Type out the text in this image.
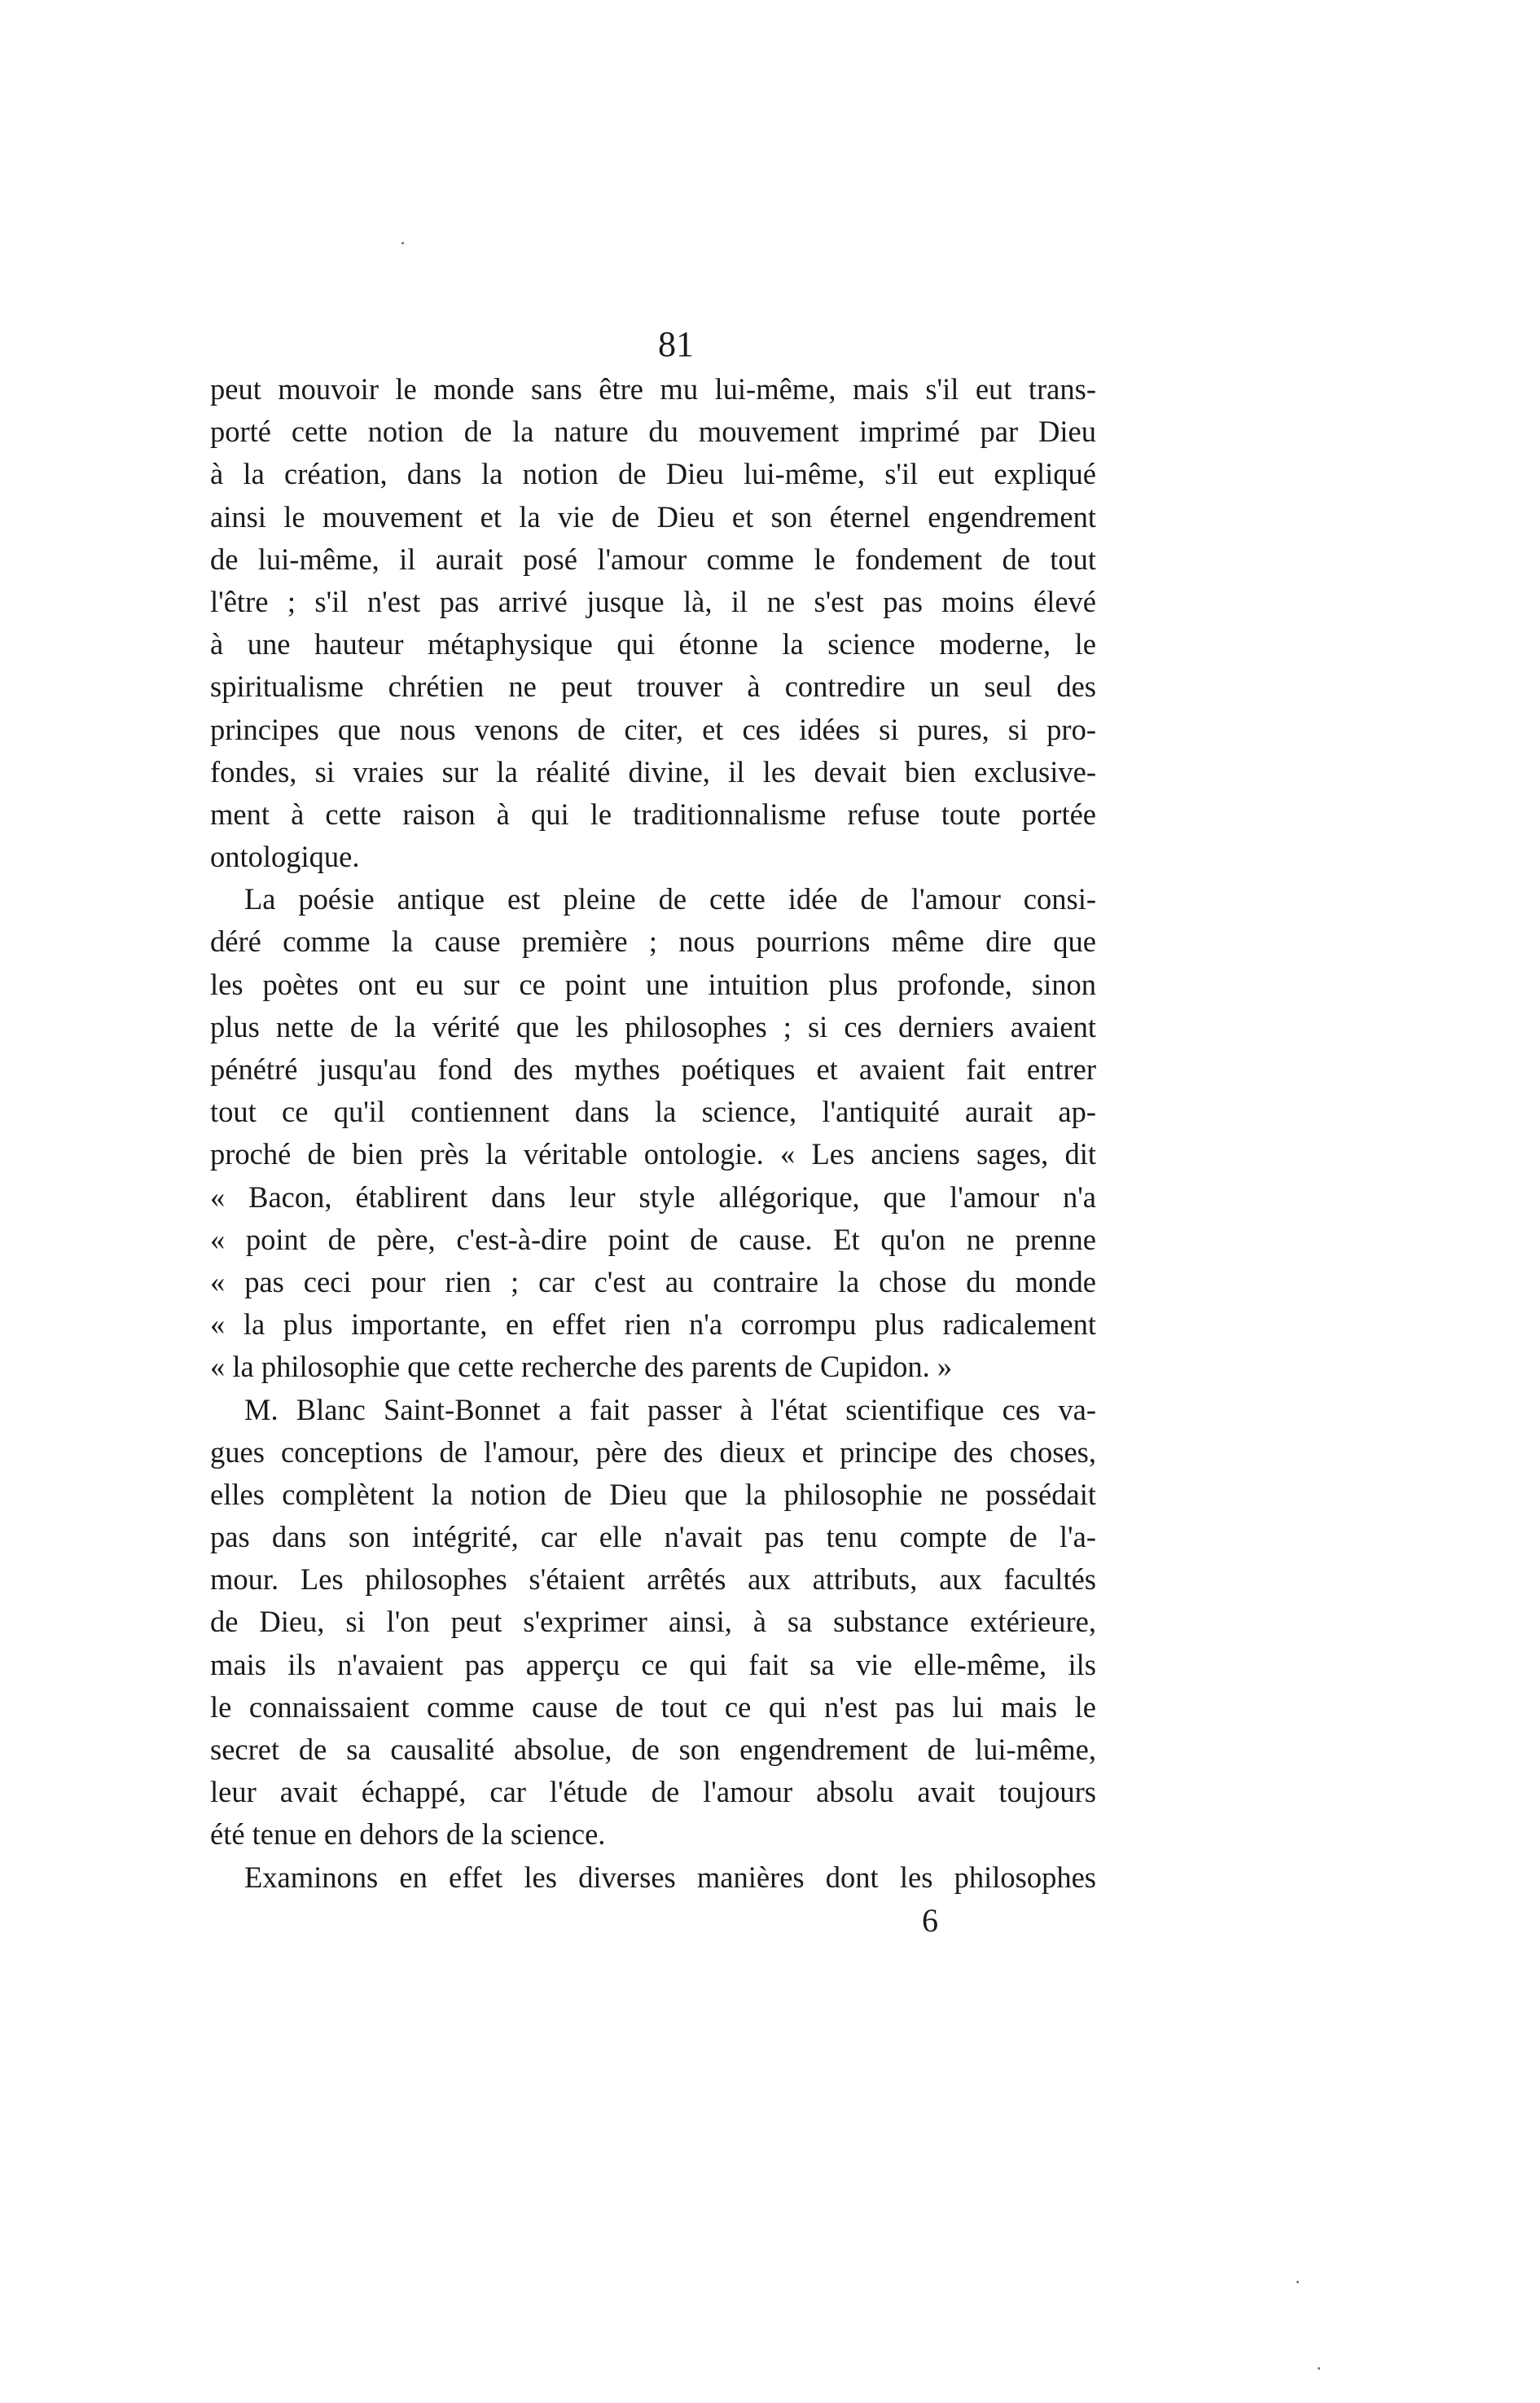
81
peut mouvoir le monde sans être mu lui-même, mais s'il eut trans-
porté cette notion de la nature du mouvement imprimé par Dieu
à la création, dans la notion de Dieu lui-même, s'il eut expliqué
ainsi le mouvement et la vie de Dieu et son éternel engendrement
de lui-même, il aurait posé l'amour comme le fondement de tout
l'être ; s'il n'est pas arrivé jusque là, il ne s'est pas moins élevé
à une hauteur métaphysique qui étonne la science moderne, le
spiritualisme chrétien ne peut trouver à contredire un seul des
principes que nous venons de citer, et ces idées si pures, si pro-
fondes, si vraies sur la réalité divine, il les devait bien exclusive-
ment à cette raison à qui le traditionnalisme refuse toute portée
ontologique.
La poésie antique est pleine de cette idée de l'amour consi-
déré comme la cause première ; nous pourrions même dire que
les poètes ont eu sur ce point une intuition plus profonde, sinon
plus nette de la vérité que les philosophes ; si ces derniers avaient
pénétré jusqu'au fond des mythes poétiques et avaient fait entrer
tout ce qu'il contiennent dans la science, l'antiquité aurait ap-
proché de bien près la véritable ontologie. « Les anciens sages, dit
« Bacon, établirent dans leur style allégorique, que l'amour n'a
« point de père, c'est-à-dire point de cause. Et qu'on ne prenne
« pas ceci pour rien ; car c'est au contraire la chose du monde
« la plus importante, en effet rien n'a corrompu plus radicalement
« la philosophie que cette recherche des parents de Cupidon. »
M. Blanc Saint-Bonnet a fait passer à l'état scientifique ces va-
gues conceptions de l'amour, père des dieux et principe des choses,
elles complètent la notion de Dieu que la philosophie ne possédait
pas dans son intégrité, car elle n'avait pas tenu compte de l'a-
mour. Les philosophes s'étaient arrêtés aux attributs, aux facultés
de Dieu, si l'on peut s'exprimer ainsi, à sa substance extérieure,
mais ils n'avaient pas apperçu ce qui fait sa vie elle-même, ils
le connaissaient comme cause de tout ce qui n'est pas lui mais le
secret de sa causalité absolue, de son engendrement de lui-même,
leur avait échappé, car l'étude de l'amour absolu avait toujours
été tenue en dehors de la science.
Examinons en effet les diverses manières dont les philosophes
6
